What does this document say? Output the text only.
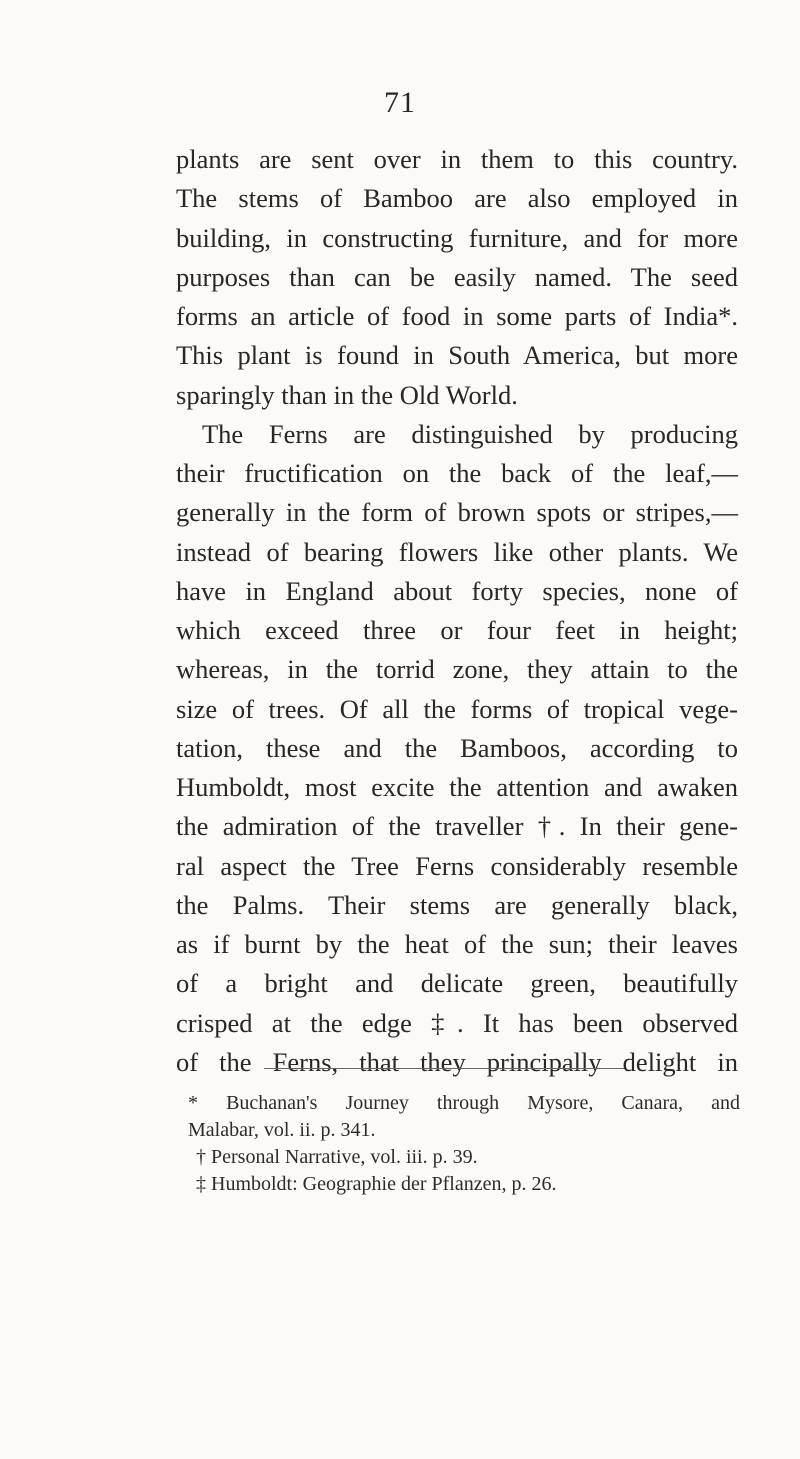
71
plants are sent over in them to this country.
The stems of Bamboo are also employed in
building, in constructing furniture, and for more
purposes than can be easily named. The seed
forms an article of food in some parts of India*.
This plant is found in South America, but more
sparingly than in the Old World.
The Ferns are distinguished by producing
their fructification on the back of the leaf,—
generally in the form of brown spots or stripes,—
instead of bearing flowers like other plants. We
have in England about forty species, none of
which exceed three or four feet in height;
whereas, in the torrid zone, they attain to the
size of trees. Of all the forms of tropical vege-
tation, these and the Bamboos, according to
Humboldt, most excite the attention and awaken
the admiration of the traveller †. In their gene-
ral aspect the Tree Ferns considerably resemble
the Palms. Their stems are generally black,
as if burnt by the heat of the sun; their leaves
of a bright and delicate green, beautifully
crisped at the edge ‡. It has been observed
of the Ferns, that they principally delight in
* Buchanan's Journey through Mysore, Canara, and
Malabar, vol. ii. p. 341.
† Personal Narrative, vol. iii. p. 39.
‡ Humboldt: Geographie der Pflanzen, p. 26.
